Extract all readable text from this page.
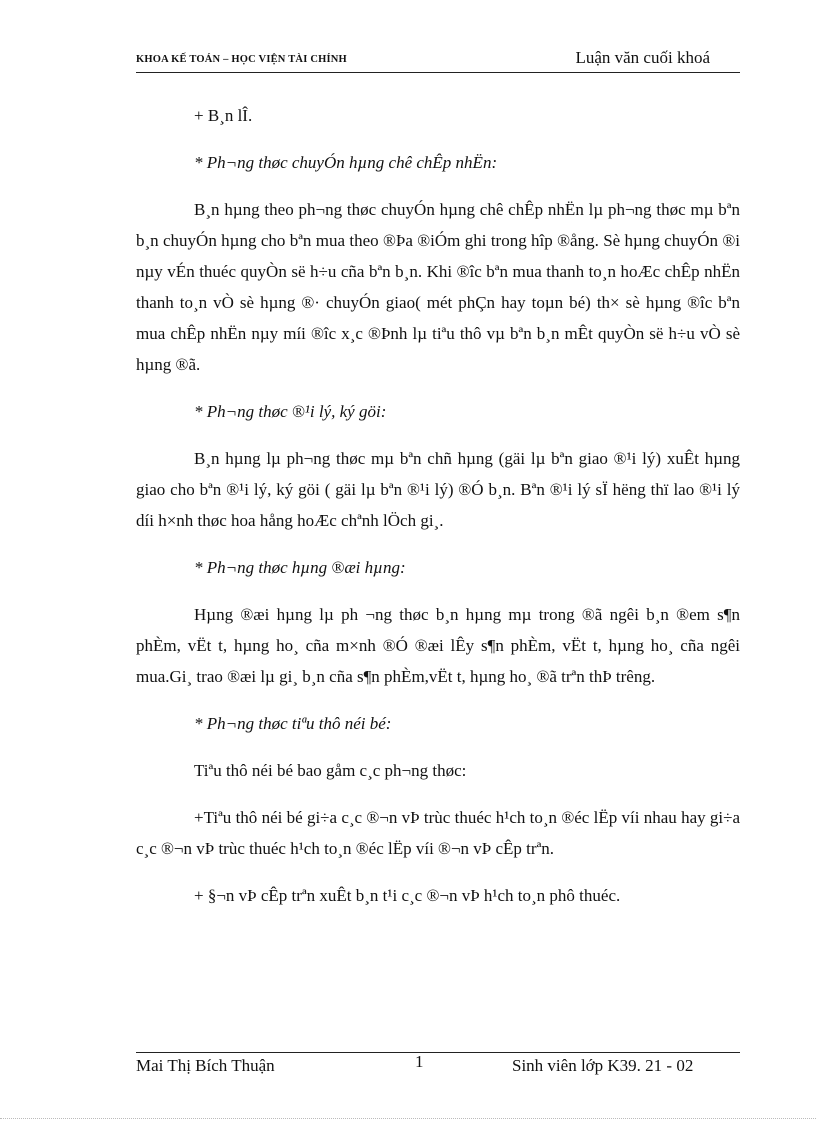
KHOA KẾ TOÁN – HỌC VIỆN TÀI CHÍNH	Luận văn cuối khoá

+ B¸n lÎ.

* Ph¬ng thøc chuyÓn hµng chê chÊp nhËn:

B¸n hµng theo ph¬ng thøc chuyÓn hµng chê chÊp nhËn lµ ph¬ng thøc mµ bªn b¸n chuyÓn hµng cho bªn mua theo ®Þa ®iÓm ghi trong hîp ®ång. Sè hµng chuyÓn ®i nµy vÉn thuéc quyÒn së h÷u cña bªn b¸n. Khi ®îc bªn mua thanh to¸n hoÆc chÊp nhËn thanh to¸n vÒ sè hµng ®· chuyÓn giao( mét phÇn hay toµn bé) th× sè hµng ®îc bªn mua chÊp nhËn nµy míi ®îc x¸c ®Þnh lµ tiªu thô vµ bªn b¸n mÊt quyÒn së h÷u vÒ sè hµng ®ã.

* Ph¬ng thøc ®¹i lý, ký göi:

B¸n hµng lµ ph¬ng thøc mµ bªn chñ hµng (gäi lµ bªn giao ®¹i lý) xuÊt hµng giao cho bªn ®¹i lý, ký göi ( gäi lµ bªn ®¹i lý) ®Ó b¸n. Bªn ®¹i lý sÏ hëng thï lao ®¹i lý díi h×nh thøc hoa hång hoÆc chªnh lÖch gi¸.

* Ph¬ng thøc hµng ®æi hµng:

Hµng ®æi hµng lµ ph ¬ng thøc b¸n hµng mµ trong ®ã ngêi b¸n ®em s¶n phÈm, vËt t, hµng ho¸ cña m×nh ®Ó ®æi lÊy s¶n phÈm, vËt t, hµng ho¸ cña ngêi mua.Gi¸ trao ®æi lµ gi¸ b¸n cña s¶n phÈm,vËt t, hµng ho¸ ®ã trªn thÞ trêng.

* Ph¬ng thøc tiªu thô néi bé:

Tiªu thô néi bé bao gåm c¸c ph¬ng thøc:

+Tiªu thô néi bé gi÷a c¸c ®¬n vÞ trùc thuéc h¹ch to¸n ®éc lËp víi nhau hay gi÷a c¸c ®¬n vÞ trùc thuéc h¹ch to¸n ®éc lËp víi ®¬n vÞ cÊp trªn.

+ §¬n vÞ cÊp trªn xuÊt b¸n t¹i c¸c ®¬n vÞ h¹ch to¸n phô thuéc.

Mai Thị Bích Thuận	1	Sinh viên lớp K39. 21 - 02
